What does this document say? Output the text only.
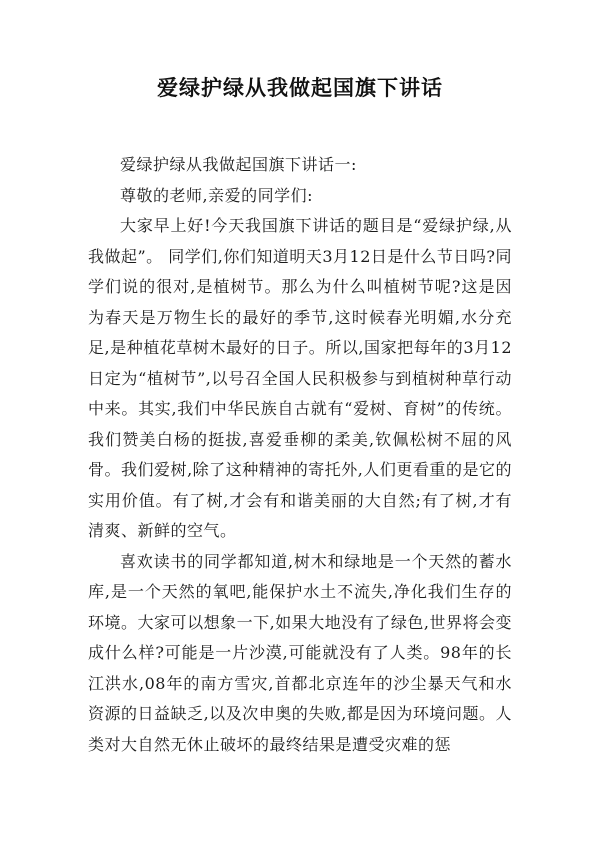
爱绿护绿从我做起国旗下讲话

爱绿护绿从我做起国旗下讲话一:

尊敬的老师,亲爱的同学们:

大家早上好!今天我国旗下讲话的题目是“爱绿护绿,从我做起”。 同学们,你们知道明天3月12日是什么节日吗?同学们说的很对,是植树节。那么为什么叫植树节呢?这是因为春天是万物生长的最好的季节,这时候春光明媚,水分充足,是种植花草树木最好的日子。所以,国家把每年的3月12日定为“植树节”,以号召全国人民积极参与到植树种草行动中来。其实,我们中华民族自古就有“爱树、育树”的传统。我们赞美白杨的挺拔,喜爱垂柳的柔美,钦佩松树不屈的风骨。我们爱树,除了这种精神的寄托外,人们更看重的是它的实用价值。有了树,才会有和谐美丽的大自然;有了树,才有清爽、新鲜的空气。

喜欢读书的同学都知道,树木和绿地是一个天然的蓄水库,是一个天然的氧吧,能保护水土不流失,净化我们生存的环境。大家可以想象一下,如果大地没有了绿色,世界将会变成什么样?可能是一片沙漠,可能就没有了人类。98年的长江洪水,08年的南方雪灾,首都北京连年的沙尘暴天气和水资源的日益缺乏,以及次申奥的失败,都是因为环境问题。人类对大自然无休止破坏的最终结果是遭受灾难的惩
